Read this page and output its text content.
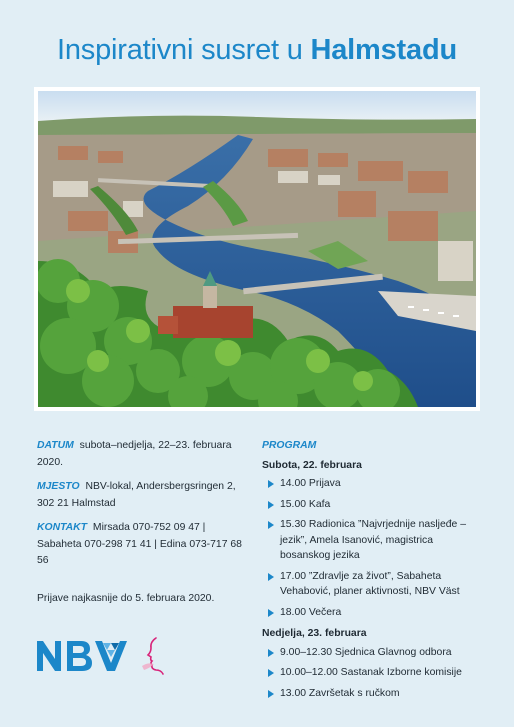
Inspirativni susret u Halmstadu

DATUM subota–nedjelja, 22–23. februara 2020.

MJESTO NBV-lokal, Andersbergsringen 2, 302 21 Halmstad

KONTAKT Mirsada 070-752 09 47 | Sabaheta 070-298 71 41 | Edina 073-717 68 56

Prijave najkasnije do 5. februara 2020.

PROGRAM
Subota, 22. februara
14.00 Prijava
15.00 Kafa
15.30 Radionica ”Najvrjednije nasljeđe – jezik”, Amela Isanović, magistrica bosanskog jezika
17.00 ”Zdravlje za život”, Sabaheta Vehabović, planer aktivnosti, NBV Väst
18.00 Večera
Nedjelja, 23. februara
9.00–12.30 Sjednica Glavnog odbora
10.00–12.00 Sastanak Izborne komisije
13.00 Završetak s ručkom
